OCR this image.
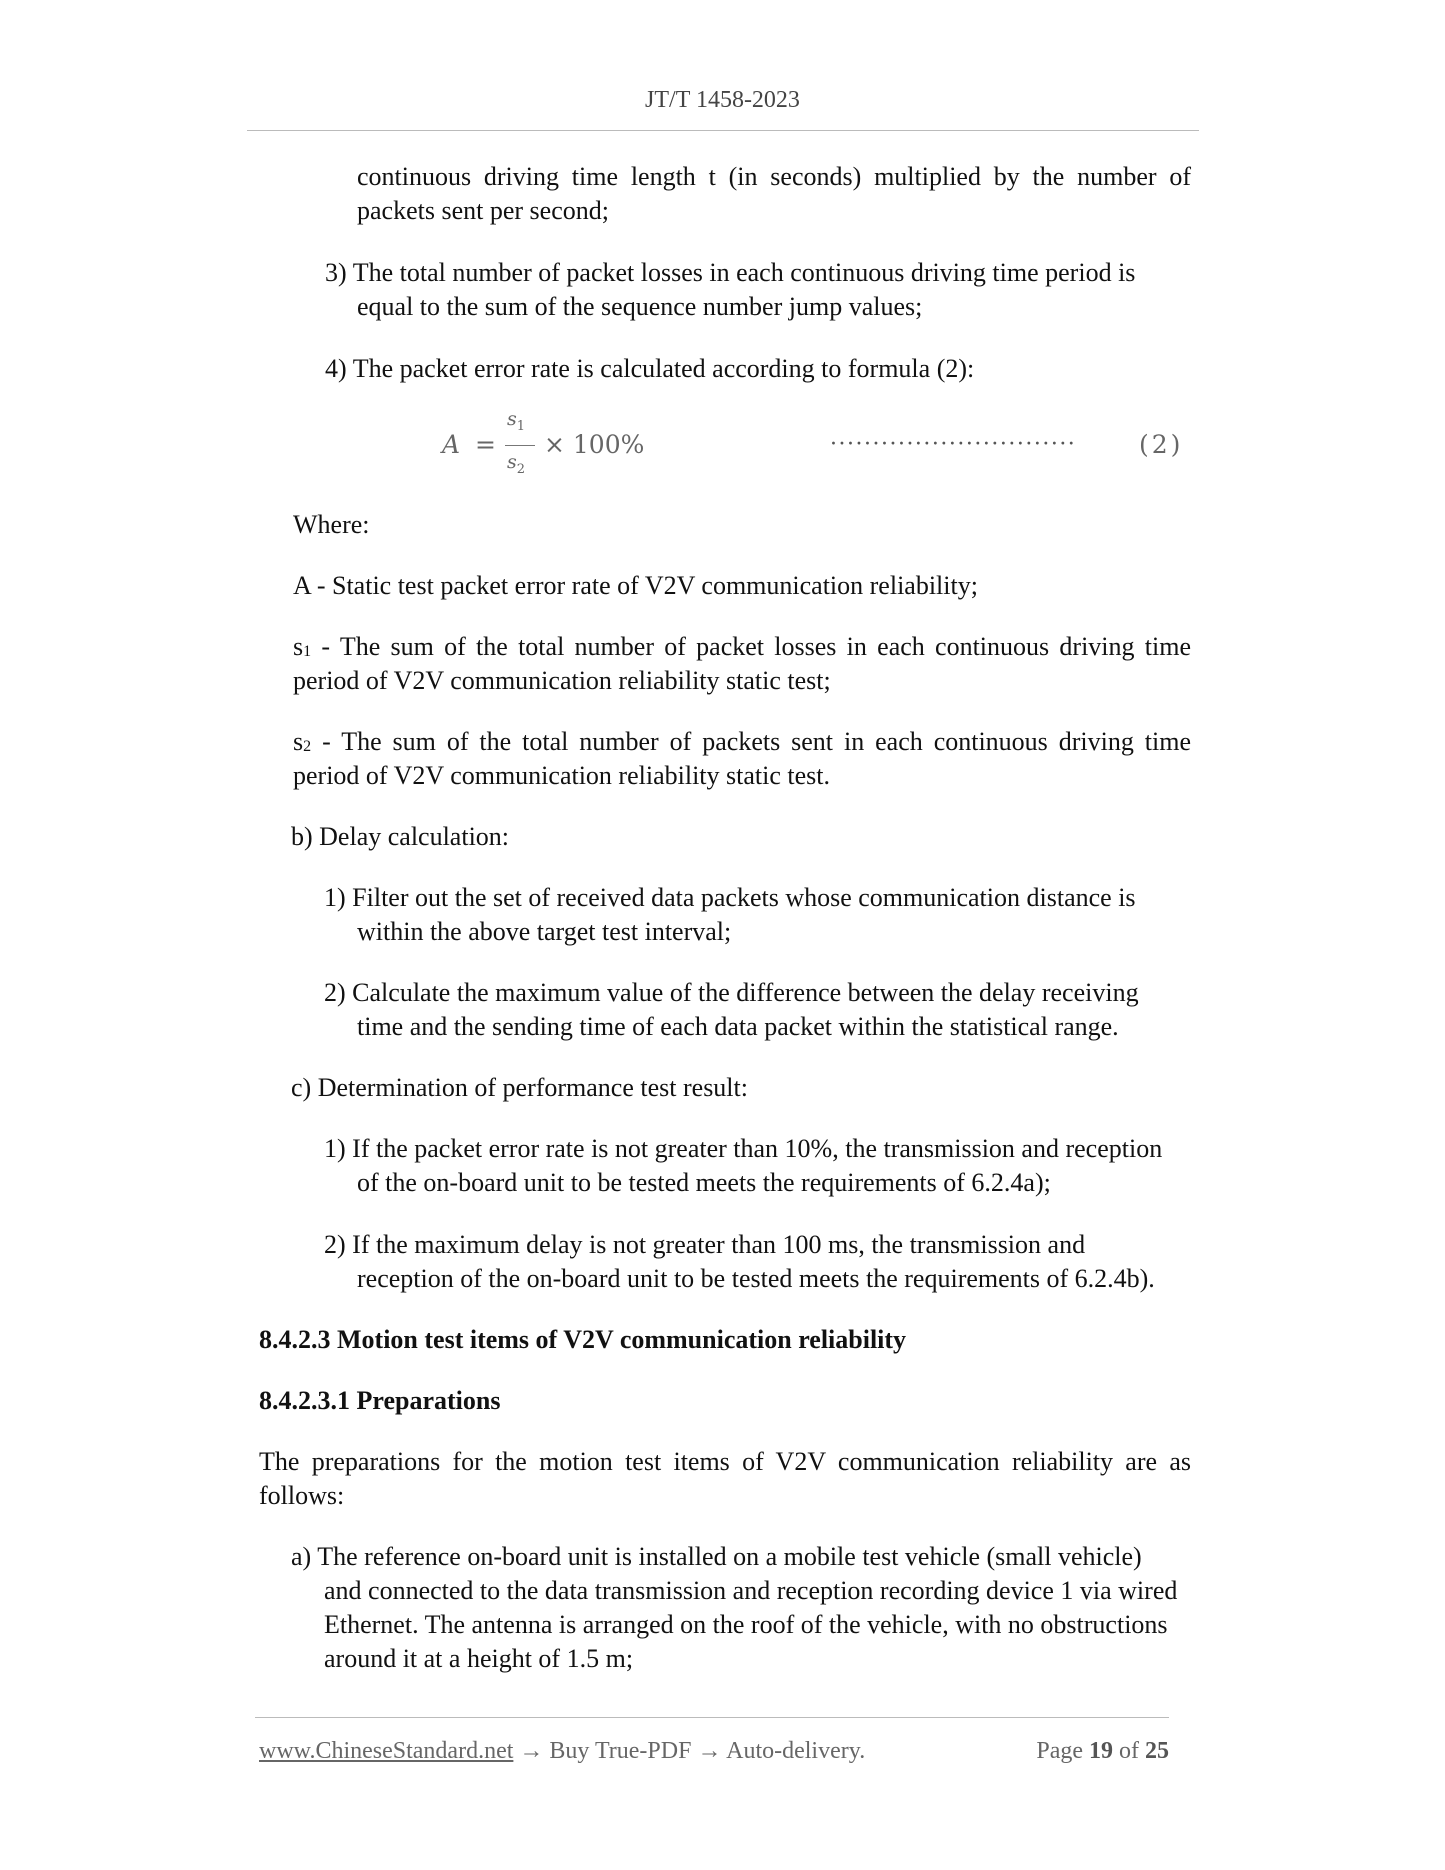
JT/T 1458-2023

continuous driving time length t (in seconds) multiplied by the number of

packets sent per second;

3) The total number of packet losses in each continuous driving time period is

equal to the sum of the sequence number jump values;

4) The packet error rate is calculated according to formula (2):

A =
$s_1$
$s_2$
× 100%	·····························	(2)

Where:

A - Static test packet error rate of V2V communication reliability;

s1 - The sum of the total number of packet losses in each continuous driving time

period of V2V communication reliability static test;

s2 - The sum of the total number of packets sent in each continuous driving time

period of V2V communication reliability static test.

b) Delay calculation:

1) Filter out the set of received data packets whose communication distance is

within the above target test interval;

2) Calculate the maximum value of the difference between the delay receiving

time and the sending time of each data packet within the statistical range.

c) Determination of performance test result:

1) If the packet error rate is not greater than 10%, the transmission and reception

of the on-board unit to be tested meets the requirements of 6.2.4a);

2) If the maximum delay is not greater than 100 ms, the transmission and

reception of the on-board unit to be tested meets the requirements of 6.2.4b).

8.4.2.3 Motion test items of V2V communication reliability

8.4.2.3.1 Preparations

The preparations for the motion test items of V2V communication reliability are as

follows:

a) The reference on-board unit is installed on a mobile test vehicle (small vehicle)

and connected to the data transmission and reception recording device 1 via wired

Ethernet. The antenna is arranged on the roof of the vehicle, with no obstructions

around it at a height of 1.5 m;

www.ChineseStandard.net → Buy True-PDF → Auto-delivery.	Page 19 of 25
